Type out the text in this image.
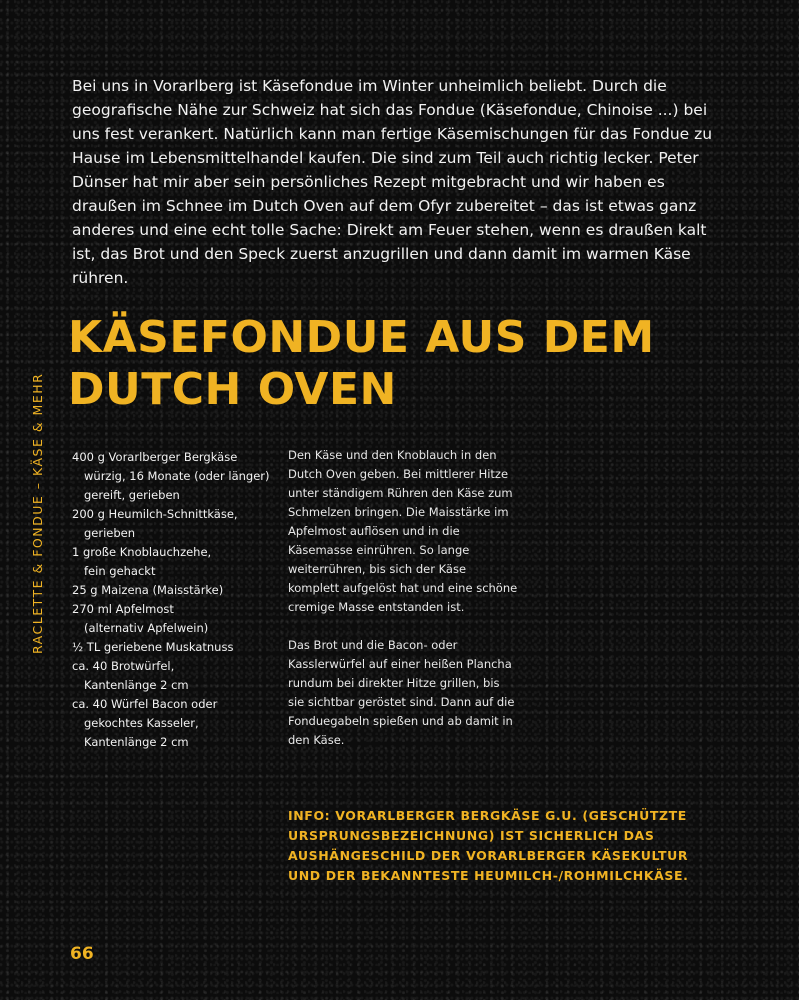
Bei uns in Vorarlberg ist Käsefondue im Winter unheimlich beliebt. Durch die geografische Nähe zur Schweiz hat sich das Fondue (Käsefondue, Chinoise ...) bei uns fest verankert. Natürlich kann man fertige Käsemischungen für das Fondue zu Hause im Lebensmittelhandel kaufen. Die sind zum Teil auch richtig lecker. Peter Dünser hat mir aber sein persönliches Rezept mitgebracht und wir haben es draußen im Schnee im Dutch Oven auf dem Ofyr zubereitet – das ist etwas ganz anderes und eine echt tolle Sache: Direkt am Feuer stehen, wenn es draußen kalt ist, das Brot und den Speck zuerst anzugrillen und dann damit im warmen Käse rühren.

KÄSEFONDUE AUS DEM
DUTCH OVEN
RACLETTE & FONDUE – KÄSE & MEHR 400 g Vorarlberger Bergkäse
würzig, 16 Monate (oder länger)
gereift, gerieben
200 g Heumilch-Schnittkäse,
gerieben
1 große Knoblauchzehe,
fein gehackt
25 g Maizena (Maisstärke)
270 ml Apfelmost
(alternativ Apfelwein)
½ TL geriebene Muskatnuss
ca. 40 Brotwürfel,
Kantenlänge 2 cm
ca. 40 Würfel Bacon oder
gekochtes Kasseler,
Kantenlänge 2 cm

Den Käse und den Knoblauch in den Dutch Oven geben. Bei mittlerer Hitze unter ständigem Rühren den Käse zum Schmelzen bringen. Die Maisstärke im Apfelmost auflösen und in die Käsemasse einrühren. So lange weiterrühren, bis sich der Käse komplett aufgelöst hat und eine schöne cremige Masse entstanden ist.

Das Brot und die Bacon- oder Kasslerwürfel auf einer heißen Plancha rundum bei direkter Hitze grillen, bis sie sichtbar geröstet sind. Dann auf die Fonduegabeln spießen und ab damit in den Käse.

INFO: VORARLBERGER BERGKÄSE G.U. (GESCHÜTZTE URSPRUNGSBEZEICHNUNG) IST SICHERLICH DAS AUSHÄNGESCHILD DER VORARLBERGER KÄSEKULTUR UND DER BEKANNTESTE HEUMILCH-/ROHMILCHKÄSE.

66
